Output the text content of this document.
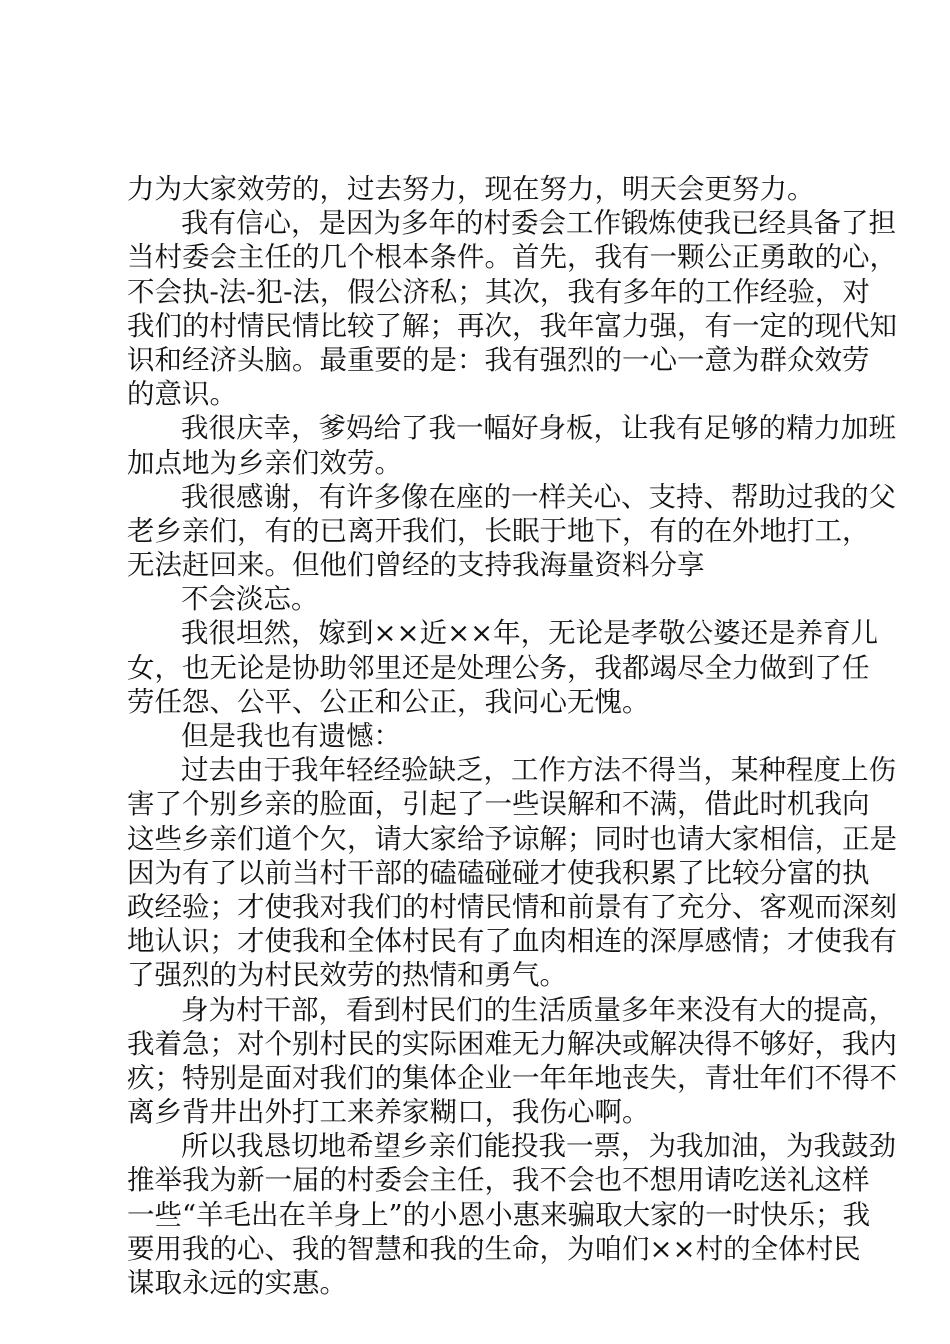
力为大家效劳的，过去努力，现在努力，明天会更努力。
我有信心，是因为多年的村委会工作锻炼使我已经具备了担
当村委会主任的几个根本条件。首先，我有一颗公正勇敢的心，
不会执-法-犯-法，假公济私；其次，我有多年的工作经验，对
我们的村情民情比较了解；再次，我年富力强，有一定的现代知
识和经济头脑。最重要的是：我有强烈的一心一意为群众效劳
的意识。
我很庆幸，爹妈给了我一幅好身板，让我有足够的精力加班
加点地为乡亲们效劳。
我很感谢，有许多像在座的一样关心、支持、帮助过我的父
老乡亲们，有的已离开我们，长眠于地下，有的在外地打工，
无法赶回来。但他们曾经的支持我海量资料分享
不会淡忘。
我很坦然，嫁到××近××年，无论是孝敬公婆还是养育儿
女，也无论是协助邻里还是处理公务，我都竭尽全力做到了任
劳任怨、公平、公正和公正，我问心无愧。
但是我也有遗憾：
过去由于我年轻经验缺乏，工作方法不得当，某种程度上伤
害了个别乡亲的脸面，引起了一些误解和不满，借此时机我向
这些乡亲们道个欠，请大家给予谅解；同时也请大家相信，正是
因为有了以前当村干部的磕磕碰碰才使我积累了比较分富的执
政经验；才使我对我们的村情民情和前景有了充分、客观而深刻
地认识；才使我和全体村民有了血肉相连的深厚感情；才使我有
了强烈的为村民效劳的热情和勇气。
身为村干部，看到村民们的生活质量多年来没有大的提高，
我着急；对个别村民的实际困难无力解决或解决得不够好，我内
疚；特别是面对我们的集体企业一年年地丧失，青壮年们不得不
离乡背井出外打工来养家糊口，我伤心啊。
所以我恳切地希望乡亲们能投我一票，为我加油，为我鼓劲
推举我为新一届的村委会主任，我不会也不想用请吃送礼这样
一些“羊毛出在羊身上”的小恩小惠来骗取大家的一时快乐；我
要用我的心、我的智慧和我的生命，为咱们××村的全体村民
谋取永远的实惠。
